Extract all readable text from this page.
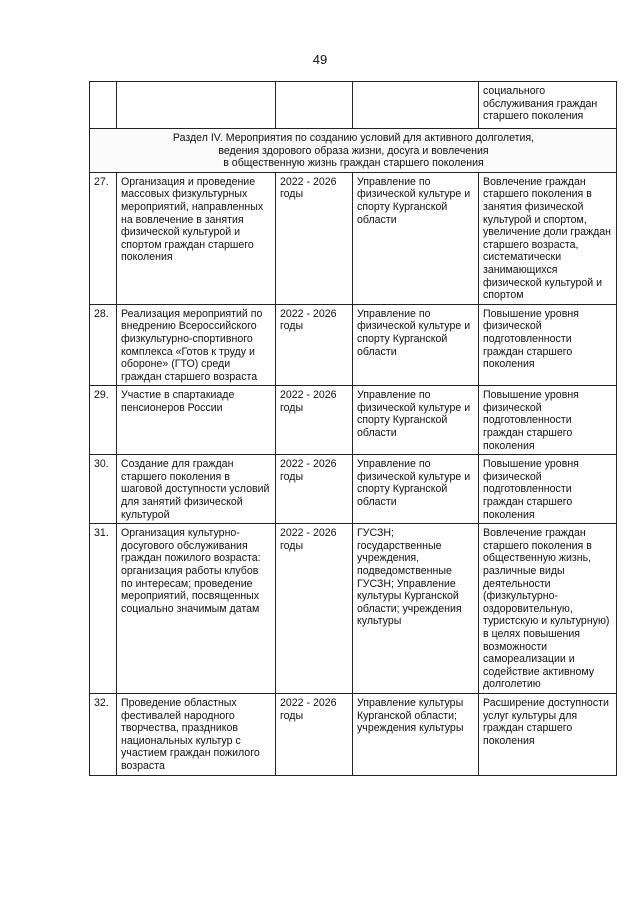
49
				социального обслуживания граждан старшего поколения

Раздел IV. Мероприятия по созданию условий для активного долголетия,
ведения здорового образа жизни, досуга и вовлечения
в общественную жизнь граждан старшего поколения				

27.	Организация и проведение массовых физкультурных мероприятий, направленных на вовлечение в занятия физической культурой и спортом граждан старшего поколения	2022 - 2026 годы	Управление по физической культуре и спорту Курганской области	Вовлечение граждан старшего поколения в занятия физической культурой и спортом, увеличение доли граждан старшего возраста, систематически занимающихся физической культурой и спортом
28.	Реализация мероприятий по внедрению Всероссийского физкультурно-спортивного комплекса «Готов к труду и обороне» (ГТО) среди граждан старшего возраста	2022 - 2026 годы	Управление по физической культуре и спорту Курганской области	Повышение уровня физической подготовленности граждан старшего поколения
29.	Участие в спартакиаде пенсионеров России	2022 - 2026 годы	Управление по физической культуре и спорту Курганской области	Повышение уровня физической подготовленности граждан старшего поколения
30.	Создание для граждан старшего поколения в шаговой доступности условий для занятий физической культурой	2022 - 2026 годы	Управление по физической культуре и спорту Курганской области	Повышение уровня физической подготовленности граждан старшего поколения
31.	Организация культурно-досугового обслуживания граждан пожилого возраста: организация работы клубов по интересам; проведение мероприятий, посвященных социально значимым датам	2022 - 2026 годы	ГУСЗН; государственные учреждения, подведомственные ГУСЗН; Управление культуры Курганской области; учреждения культуры	Вовлечение граждан старшего поколения в общественную жизнь, различные виды деятельности (физкультурно-оздоровительную, туристскую и культурную) в целях повышения возможности самореализации и содействие активному долголетию
32.	Проведение областных фестивалей народного творчества, праздников национальных культур с участием граждан пожилого возраста	2022 - 2026 годы	Управление культуры Курганской области; учреждения культуры	Расширение доступности услуг культуры для граждан старшего поколения
